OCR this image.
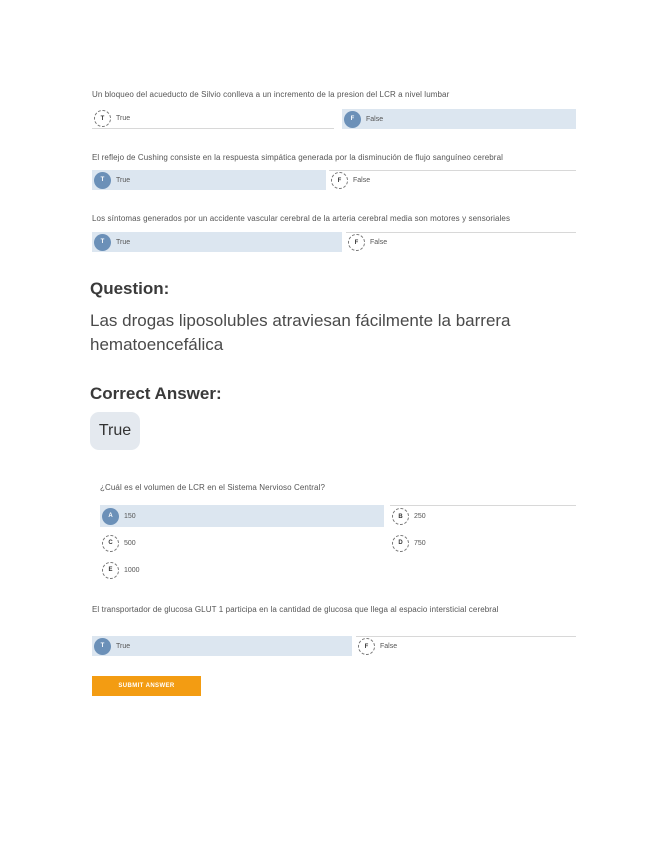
Un bloqueo del acueducto de Silvio conlleva a un incremento de la presion del LCR a nivel lumbar
T	True	F	False
El reflejo de Cushing consiste en la respuesta simpática generada por la disminución de flujo sanguíneo cerebral
T	True	F	False
Los síntomas generados por un accidente vascular cerebral de la arteria cerebral media son motores y sensoriales
T	True	F	False
Question:
Las drogas liposolubles atraviesan fácilmente la barrera hematoencefálica
Correct Answer:
True
¿Cuál es el volumen de LCR en el Sistema Nervioso Central?
A	150	B	250
C	500	D	750
E	1000
El transportador de glucosa GLUT 1 participa en la cantidad de glucosa que llega al espacio intersticial cerebral
T	True	F	False
SUBMIT ANSWER
